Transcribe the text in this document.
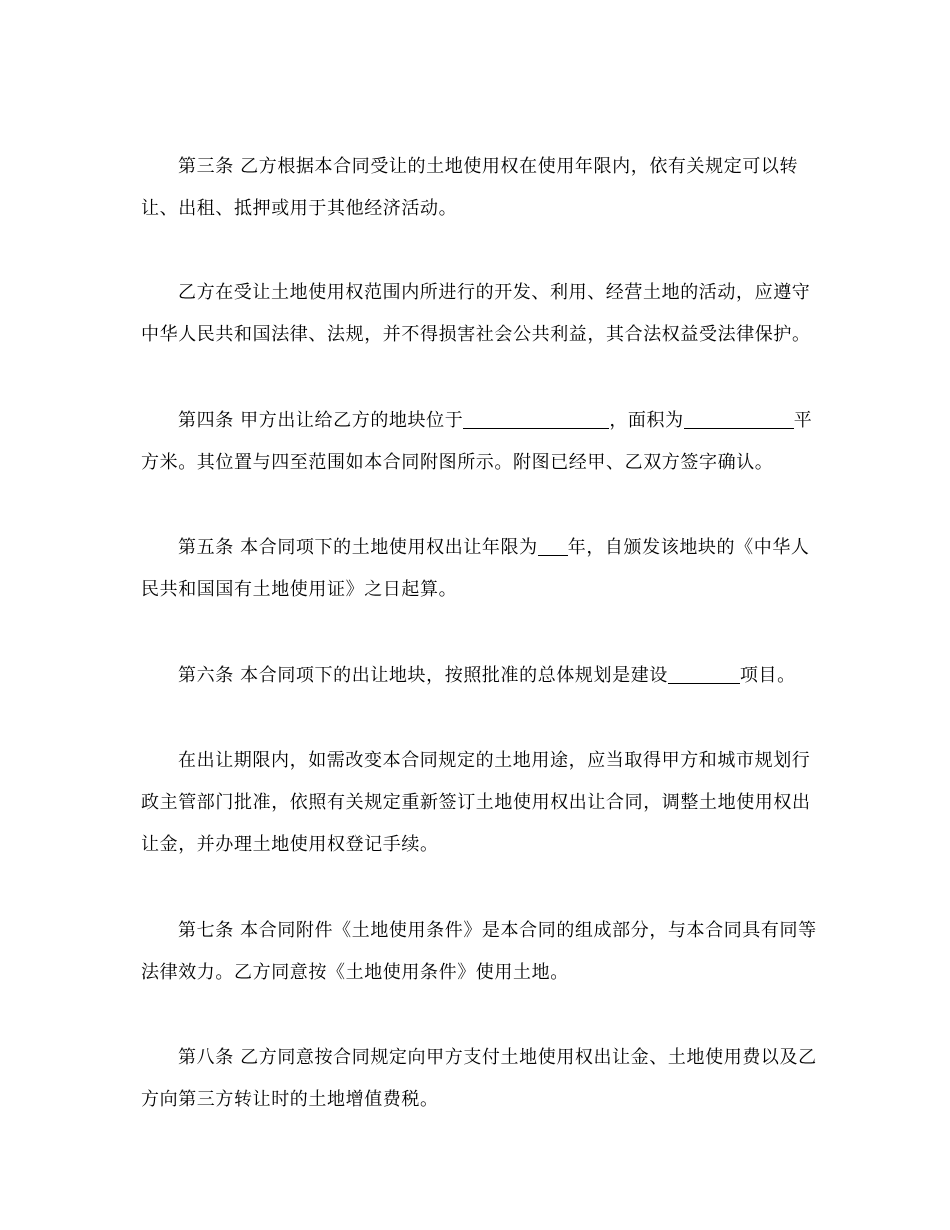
第三条 乙方根据本合同受让的土地使用权在使用年限内，依有关规定可以转让、出租、抵押或用于其他经济活动。

乙方在受让土地使用权范围内所进行的开发、利用、经营土地的活动，应遵守中华人民共和国法律、法规，并不得损害社会公共利益，其合法权益受法律保护。

第四条 甲方出让给乙方的地块位于	，面积为	平方米。其位置与四至范围如本合同附图所示。附图已经甲、乙双方签字确认。

第五条 本合同项下的土地使用权出让年限为 年，自颁发该地块的《中华人民共和国国有土地使用证》之日起算。

第六条 本合同项下的出让地块，按照批准的总体规划是建设	项目。

在出让期限内，如需改变本合同规定的土地用途，应当取得甲方和城市规划行政主管部门批准，依照有关规定重新签订土地使用权出让合同，调整土地使用权出让金，并办理土地使用权登记手续。

第七条 本合同附件《土地使用条件》是本合同的组成部分，与本合同具有同等法律效力。乙方同意按《土地使用条件》使用土地。

第八条 乙方同意按合同规定向甲方支付土地使用权出让金、土地使用费以及乙方向第三方转让时的土地增值费税。
